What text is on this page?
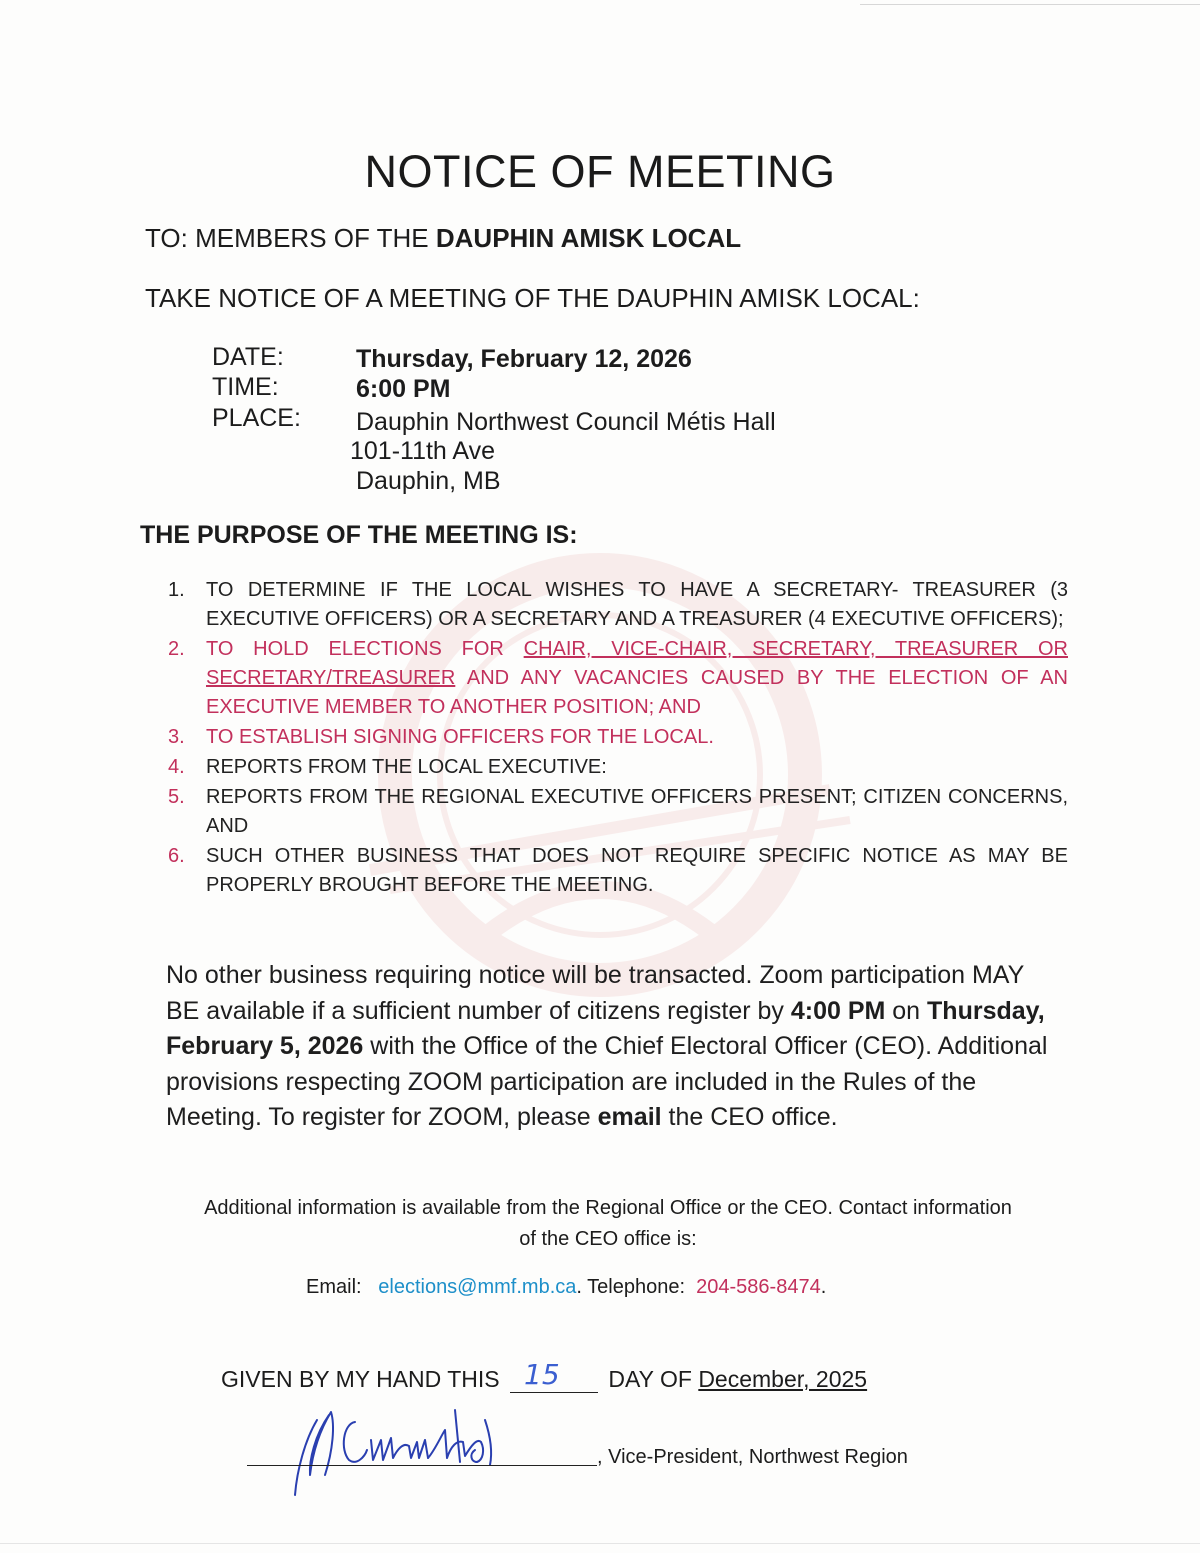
NOTICE OF MEETING
TO: MEMBERS OF THE DAUPHIN AMISK LOCAL
TAKE NOTICE OF A MEETING OF THE DAUPHIN AMISK LOCAL:
DATE:	Thursday, February 12, 2026
TIME:	6:00 PM
PLACE: Dauphin Northwest Council Métis Hall
101-11th Ave
Dauphin, MB
THE PURPOSE OF THE MEETING IS:
1. TO DETERMINE IF THE LOCAL WISHES TO HAVE A SECRETARY- TREASURER (3 EXECUTIVE OFFICERS) OR A SECRETARY AND A TREASURER (4 EXECUTIVE OFFICERS);
2. TO HOLD ELECTIONS FOR CHAIR, VICE-CHAIR, SECRETARY, TREASURER OR SECRETARY/TREASURER AND ANY VACANCIES CAUSED BY THE ELECTION OF AN EXECUTIVE MEMBER TO ANOTHER POSITION; AND
3. TO ESTABLISH SIGNING OFFICERS FOR THE LOCAL.
4. REPORTS FROM THE LOCAL EXECUTIVE:
5. REPORTS FROM THE REGIONAL EXECUTIVE OFFICERS PRESENT; CITIZEN CONCERNS, AND
6. SUCH OTHER BUSINESS THAT DOES NOT REQUIRE SPECIFIC NOTICE AS MAY BE PROPERLY BROUGHT BEFORE THE MEETING.
No other business requiring notice will be transacted. Zoom participation MAY BE available if a sufficient number of citizens register by 4:00 PM on Thursday, February 5, 2026 with the Office of the Chief Electoral Officer (CEO). Additional provisions respecting ZOOM participation are included in the Rules of the Meeting. To register for ZOOM, please email the CEO office.
Additional information is available from the Regional Office or the CEO. Contact information of the CEO office is:
Email: elections@mmf.mb.ca. Telephone: 204-586-8474.
GIVEN BY MY HAND THIS 15 DAY OF December, 2025
, Vice-President, Northwest Region
